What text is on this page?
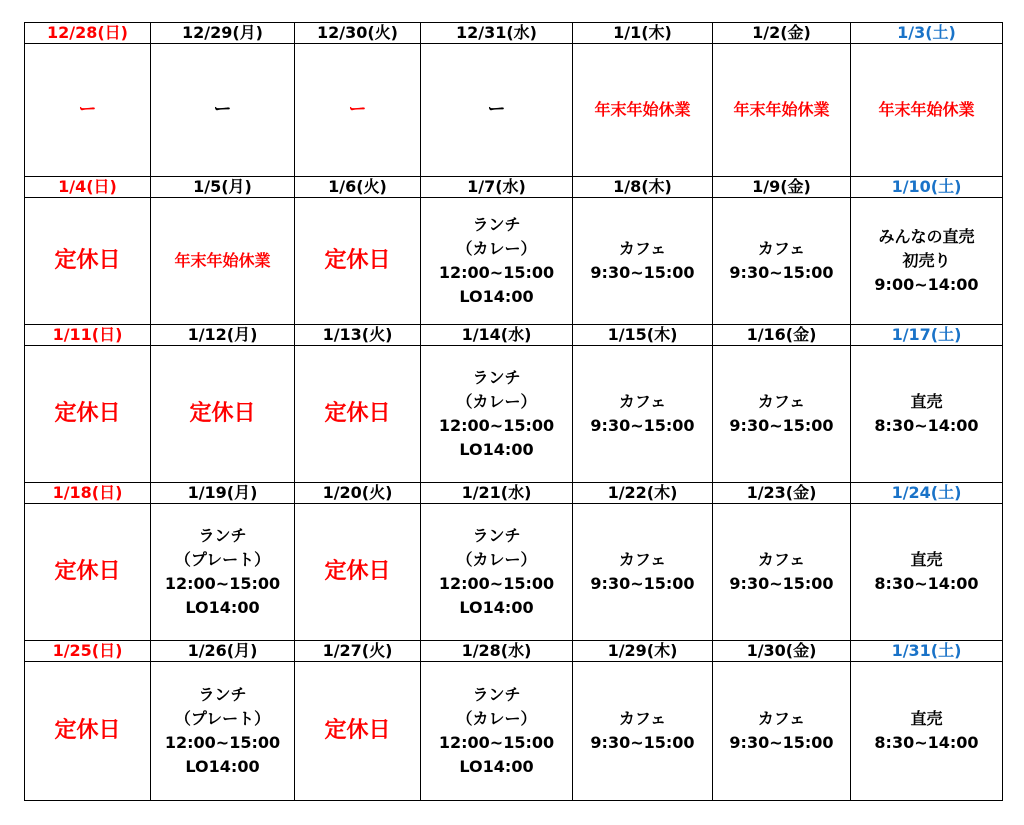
12/28(日)	12/29(月)	12/30(火)	12/31(水)	1/1(木)	1/2(金)	1/3(土)

ー	ー	ー	ー	年末年始休業	年末年始休業	年末年始休業

1/4(日)	1/5(月)	1/6(火)	1/7(水)	1/8(木)	1/9(金)	1/10(土)

定休日	年末年始休業	定休日	ランチ
（カレー）
12:00~15:00
LO14:00	カフェ
9:30~15:00	カフェ
9:30~15:00	みんなの直売
初売り
9:00~14:00

1/11(日)	1/12(月)	1/13(火)	1/14(水)	1/15(木)	1/16(金)	1/17(土)

定休日	定休日	定休日	ランチ
（カレー）
12:00~15:00
LO14:00	カフェ
9:30~15:00	カフェ
9:30~15:00	直売
8:30~14:00

1/18(日)	1/19(月)	1/20(火)	1/21(水)	1/22(木)	1/23(金)	1/24(土)

定休日	ランチ
（プレート）
12:00~15:00
LO14:00	定休日	ランチ
（カレー）
12:00~15:00
LO14:00	カフェ
9:30~15:00	カフェ
9:30~15:00	直売
8:30~14:00

1/25(日)	1/26(月)	1/27(火)	1/28(水)	1/29(木)	1/30(金)	1/31(土)

定休日	ランチ
（プレート）
12:00~15:00
LO14:00	定休日	ランチ
（カレー）
12:00~15:00
LO14:00	カフェ
9:30~15:00	カフェ
9:30~15:00	直売
8:30~14:00
